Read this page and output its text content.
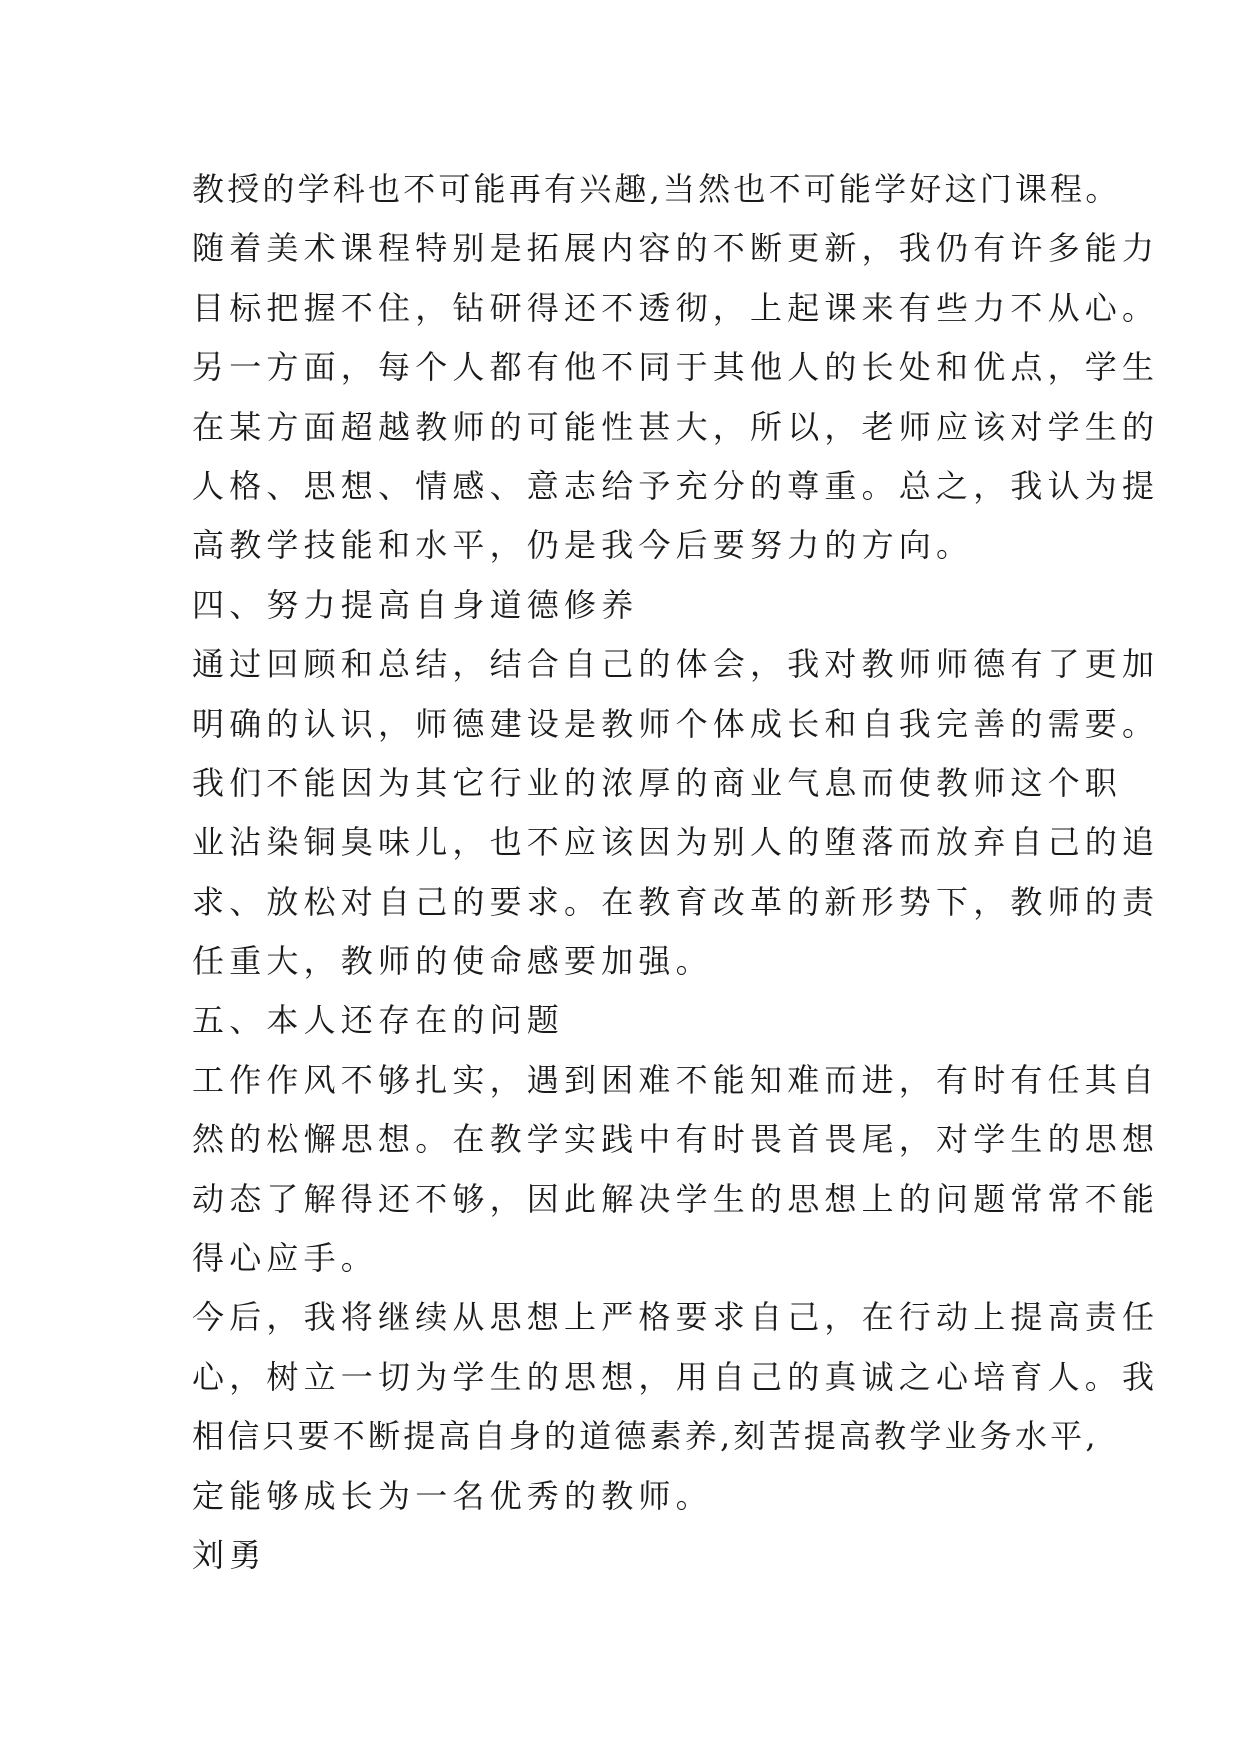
教授的学科也不可能再有兴趣,当然也不可能学好这门课程。
随着美术课程特别是拓展内容的不断更新，我仍有许多能力
目标把握不住，钻研得还不透彻，上起课来有些力不从心。
另一方面，每个人都有他不同于其他人的长处和优点，学生
在某方面超越教师的可能性甚大，所以，老师应该对学生的
人格、思想、情感、意志给予充分的尊重。总之，我认为提
高教学技能和水平，仍是我今后要努力的方向。
四、努力提高自身道德修养
通过回顾和总结，结合自己的体会，我对教师师德有了更加
明确的认识，师德建设是教师个体成长和自我完善的需要。
我们不能因为其它行业的浓厚的商业气息而使教师这个职
业沾染铜臭味儿，也不应该因为别人的堕落而放弃自己的追
求、放松对自己的要求。在教育改革的新形势下，教师的责
任重大，教师的使命感要加强。
五、本人还存在的问题
工作作风不够扎实，遇到困难不能知难而进，有时有任其自
然的松懈思想。在教学实践中有时畏首畏尾，对学生的思想
动态了解得还不够，因此解决学生的思想上的问题常常不能
得心应手。
今后，我将继续从思想上严格要求自己，在行动上提高责任
心，树立一切为学生的思想，用自己的真诚之心培育人。我
相信只要不断提高自身的道德素养,刻苦提高教学业务水平,
定能够成长为一名优秀的教师。
刘勇
